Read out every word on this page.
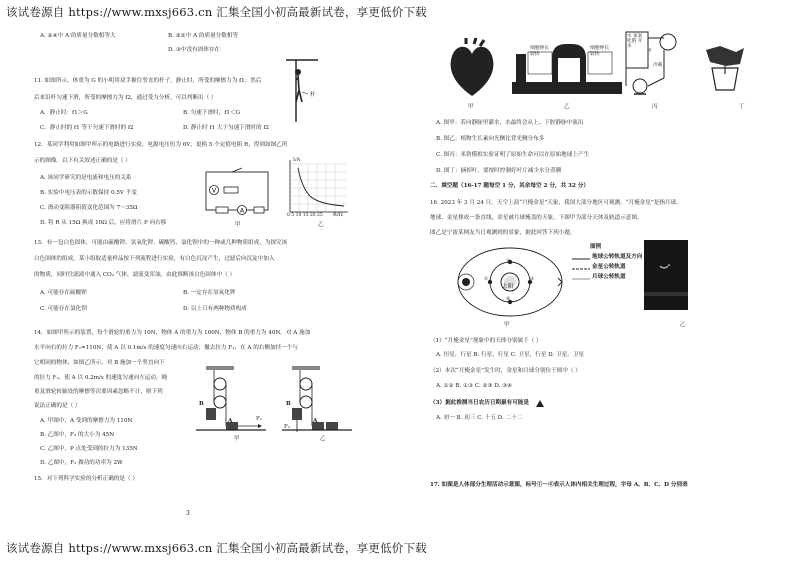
该试卷源自 https://www.mxsj663.cn 汇集全国小初高最新试卷，享更低价下载
该试卷源自 https://www.mxsj663.cn 汇集全国小初高最新试卷，享更低价下载
A. ②④中 A 的质量分数相等大	B. ③⑤中 A 的质量分数相等
D. ③中没有固体存在
11. 如图所示，体重为 G 的小明用双手握住竖直的杆子，静止时，所受的摩擦力为 f1；然后
后来沿杆匀速下滑，所受的摩擦力为 f2，通过受力分析，可以判断出（ ）	杆
A．静止时：f1＞G	B. 匀速下滑时，f1＜G
C．静止时的 f1 等于匀速下滑时的 f2	D. 静止时 f1 大于匀速下滑时的 f2
12．某同学利用如图甲所示的电路进行实验，电源电压恒为 6V，更换 5 个定值电阻 R，得到如图乙所
示的图像。以下有关叙述正确的是（ ）
A. 该同学研究的是电流和电压的关系
B. 实验中电压表的示数保持 0.5V 不变
C. 滑动变阻器阻值变化范围为 7～35Ω
D. 将 R 从 15Ω 换成 10Ω 后，应将滑片 P 向右移
V
A
甲
I/A
R/Ω
0 5 10 15 20 25
乙
13．有一包白色固体，可能由硫酸钾、氢氧化钾、碳酸钙、氯化钡中的一种或几种物质组成，为探究该
白色固体的组成，某小组取适量样品按下列流程进行实验，有白色沉淀产生，过滤后向沉淀中加入
的物质，同时往滤液中通入 CO₂ 气体，滤液变浑浊。由此推断该白色固体中（ ）
A. 可能存在硫酸钾	B. 一定存在氢氧化钾
C. 可能存在氯化钡	D. 以上只有两种物质构成
14．如图甲所示的装置，每个滑轮的重力为 10N，物体 A 的重力为 100N，物体 B 的重力为 40N。对 A 施加
水平向右的拉力 F₁=110N，使 A 以 0.1m/s 的速度匀速向右运动；撤去拉力 F₁，在 A 的右侧加挂一个与
它相同的物体，如图乙所示，对 B 施加一个竖直向下
的拉力 F₂，使 A 以 0.2m/s 的速度匀速向左运动。绳
重及滑轮转轴处的摩擦等次要因素忽略不计，则下列
说法正确的是（ ）
A. 甲图中，A 受到的摩擦力为 110N
B. 乙图中，F₂ 的大小为 45N
C. 乙图中，P 点处受到的拉力为 135N
D. 乙图中，F₂ 做功的功率为 2W
B
A	F₁
甲
B
F₂
A
乙
15．对下列科学实验的分析正确的是（ ）
3
甲
细胞伸长较快
细胞伸长较快
乙
水 氢氧化钠 开水
甲
冷凝
丙	丁
A. 图甲：若向静脉里灌水，水最终会从上、下腔静脉中流出
B. 图乙：植物生长素向光侧比背光侧分布多
C. 图丙：米勃模拟实验证明了原始生命可以在原始地球上产生
D. 图丁：摘掉叶，要按时控制好叶片减少水分蒸腾
二、填空题（16-17 题每空 1 分，其余每空 2 分，共 32 分）
16. 2023 年 3 月 24 日，天空上演“月掩金星”天象，我国大部分地区可观测。“月掩金星”是指月球、
地球、金星排成一条直线，金星被月球掩盖的天象。下图甲为部分天体及轨道示意图，
图乙是宁波某网友当日观测到的景象，据此回答下列小题。
太阳
①
②	③
④
甲
图例
地球公转轨道及方向
金星公转轨道
月球公转轨道
乙
（1）“月掩金星”现象中的天体分别属于（ ）
A. 恒星、行星 B. 行星、行星 C. 卫星、行星 D. 卫星、卫星
（2）本次“月掩金星”发生时，金星和月球分别位于图中（ ）
A. ①② B. ①③ C. ②③ D. ③④
（3）据此推测当日农历日期最有可能是
A. 初一 B. 初三 C. 十五 D. 二十二
17. 如图是人体部分生理活动示意图，标号①～⑥表示人体内相关生理过程，字母 A、B、C、D 分别表
